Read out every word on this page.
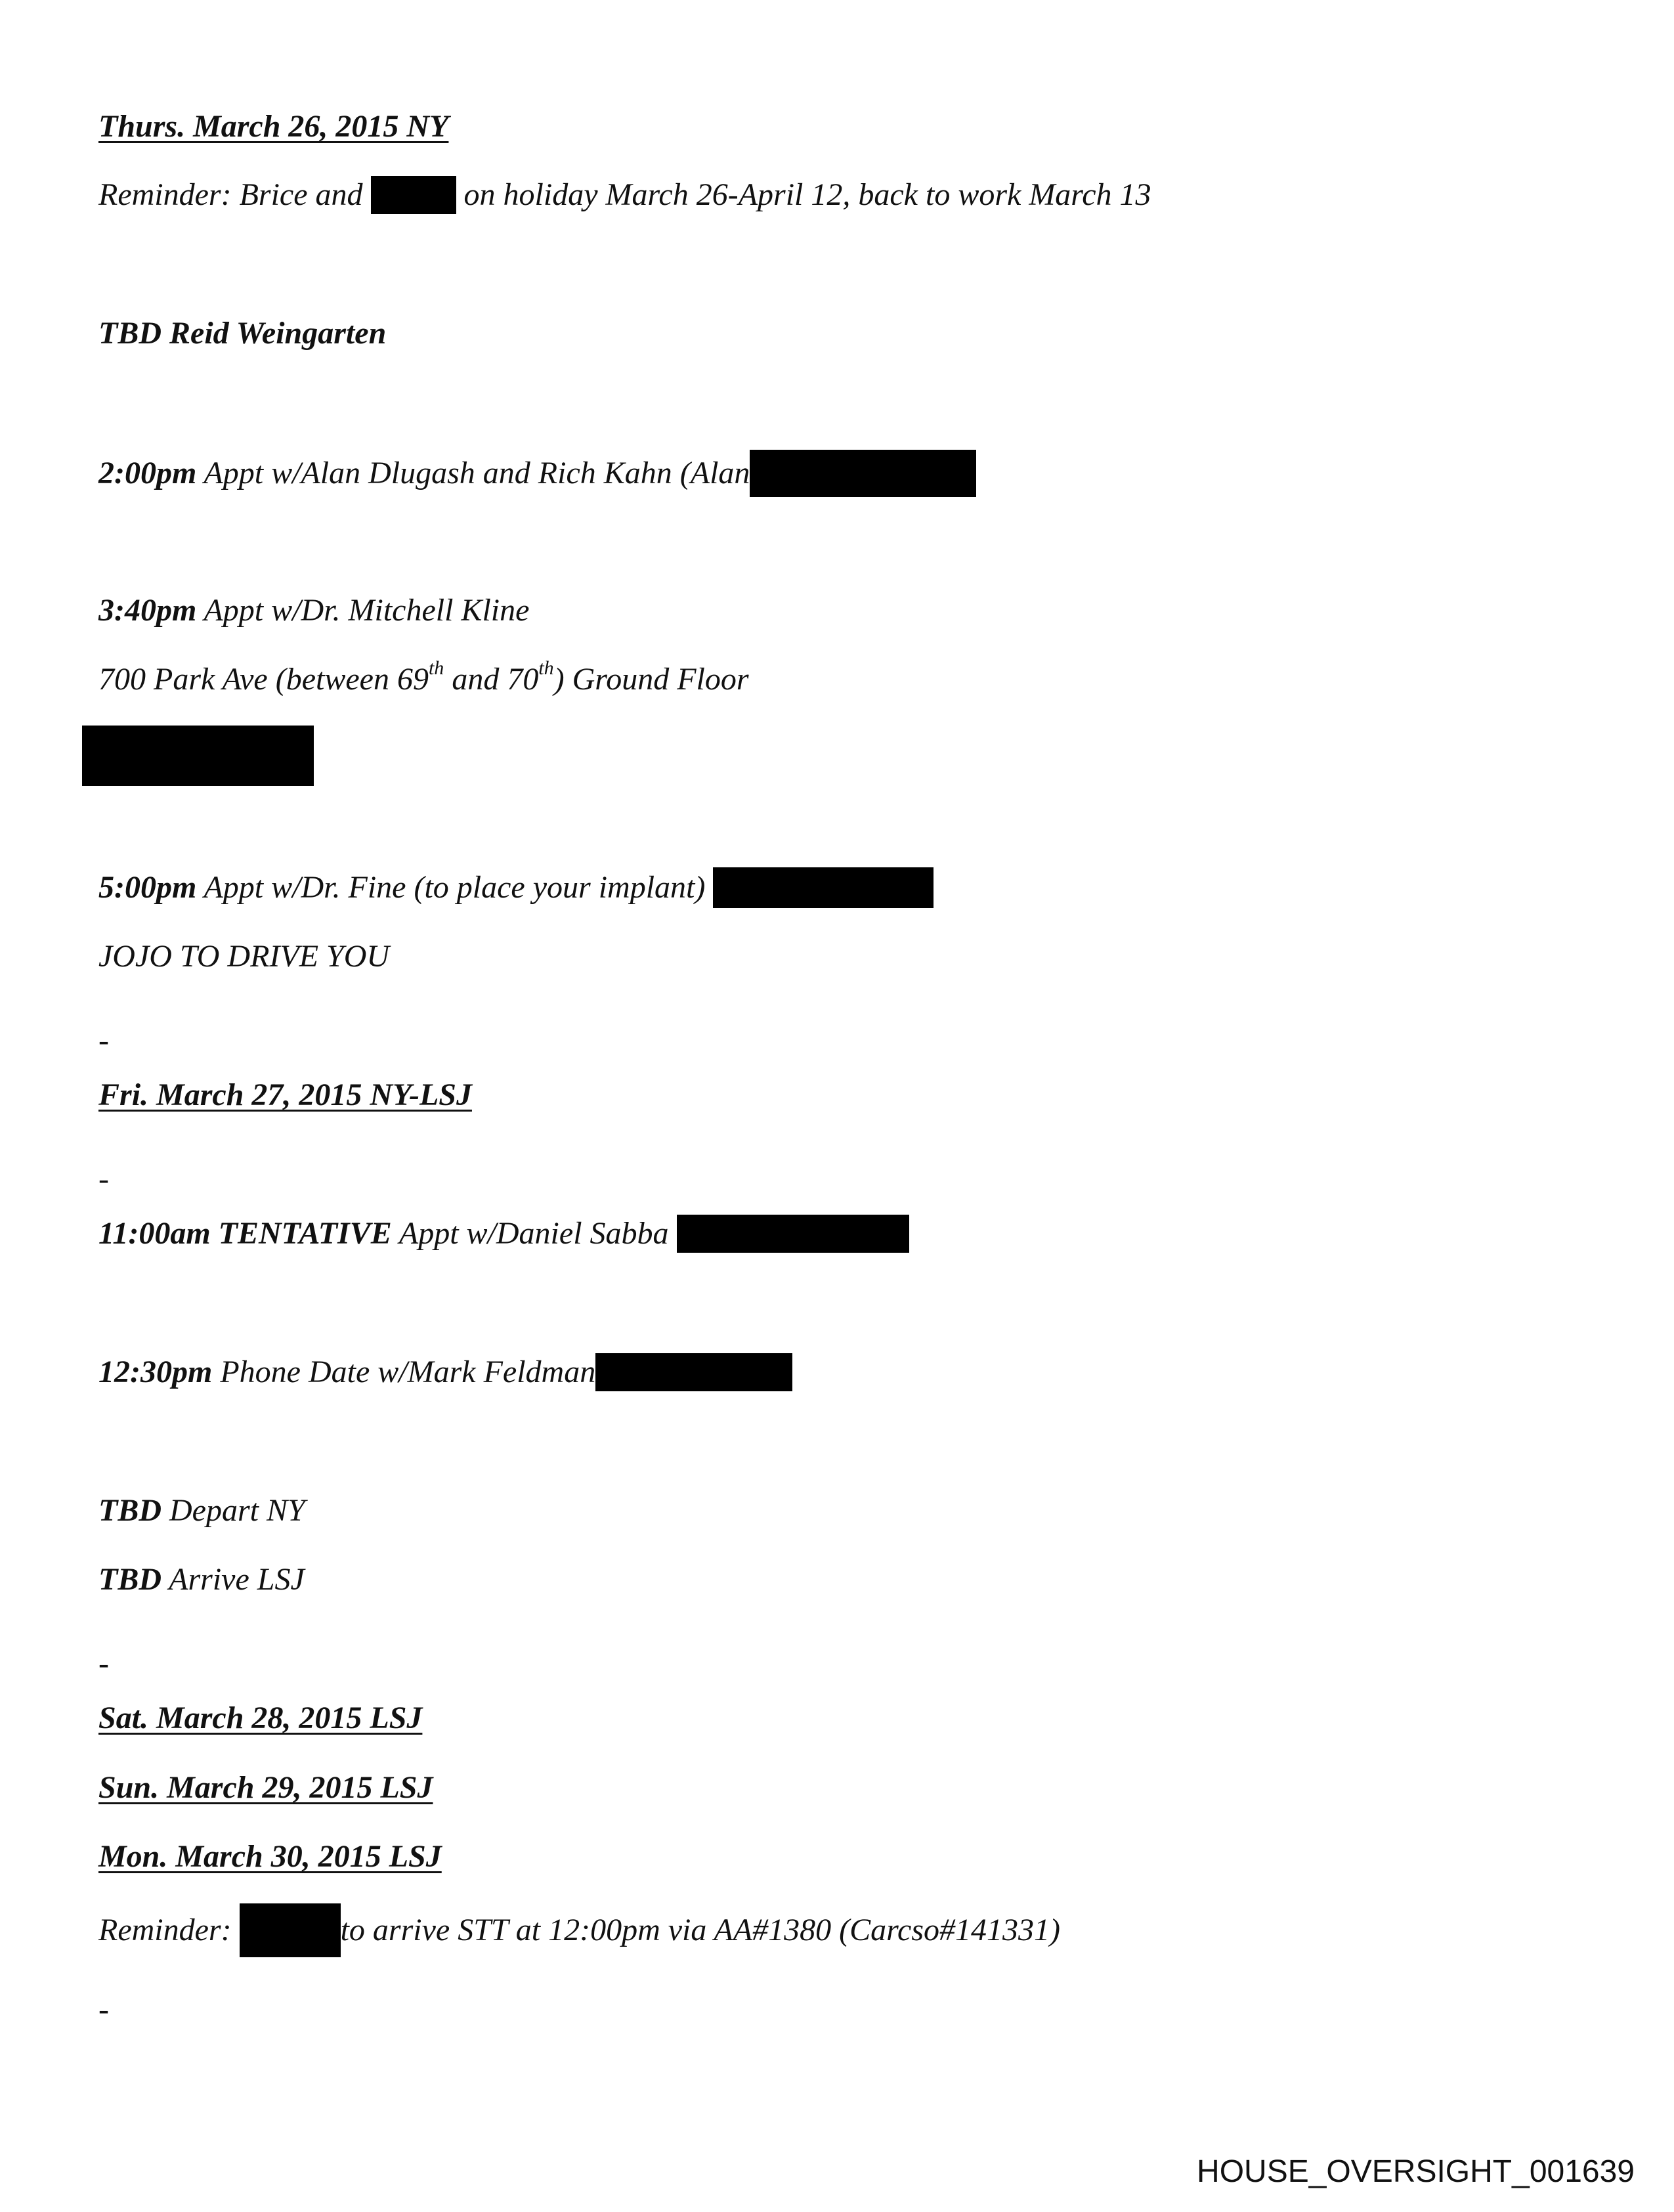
Thurs. March 26, 2015 NY

Reminder: Brice and	on holiday March 26-April 12, back to work March 13

TBD Reid Weingarten

2:00pm Appt w/Alan Dlugash and Rich Kahn (Alan

3:40pm Appt w/Dr. Mitchell Kline

700 Park Ave (between 69th and 70th) Ground Floor

5:00pm Appt w/Dr. Fine (to place your implant)

JOJO TO DRIVE YOU

-

Fri. March 27, 2015 NY-LSJ

-

11:00am TENTATIVE Appt w/Daniel Sabba

12:30pm Phone Date w/Mark Feldman

TBD Depart NY

TBD Arrive LSJ

-

Sat. March 28, 2015 LSJ

Sun. March 29, 2015 LSJ

Mon. March 30, 2015 LSJ

Reminder:	to arrive STT at 12:00pm via AA#1380 (Carcso#141331)

-

HOUSE_OVERSIGHT_001639
